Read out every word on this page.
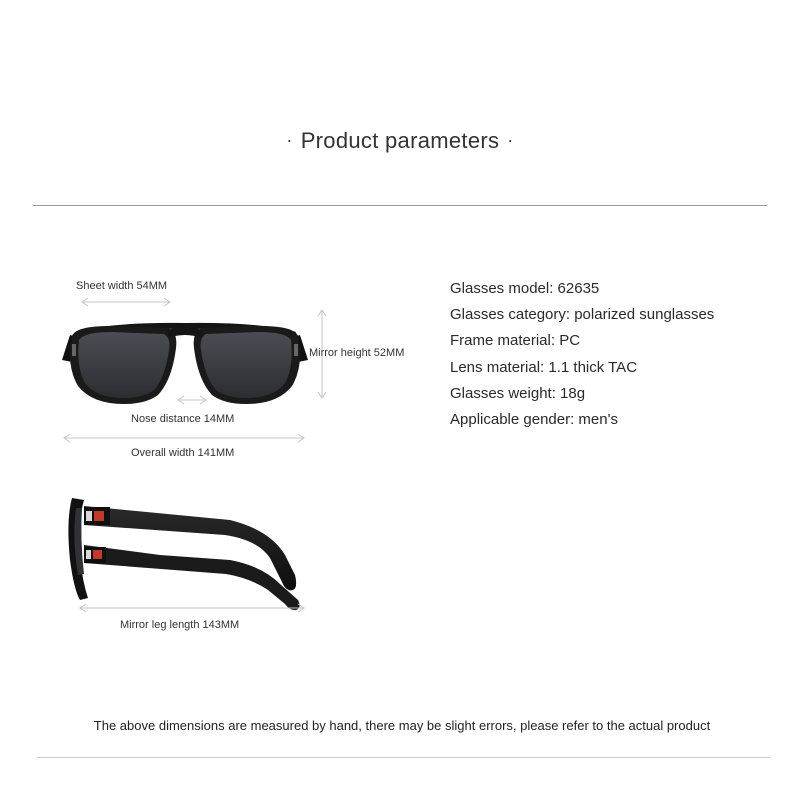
· Product parameters ·
Sheet width 54MM
Mirror height 52MM
Nose distance 14MM
Overall width 141MM
Mirror leg length 143MM
Glasses model: 62635
Glasses category: polarized sunglasses
Frame material: PC
Lens material: 1.1 thick TAC
Glasses weight: 18g
Applicable gender: men's
The above dimensions are measured by hand, there may be slight errors, please refer to the actual product
